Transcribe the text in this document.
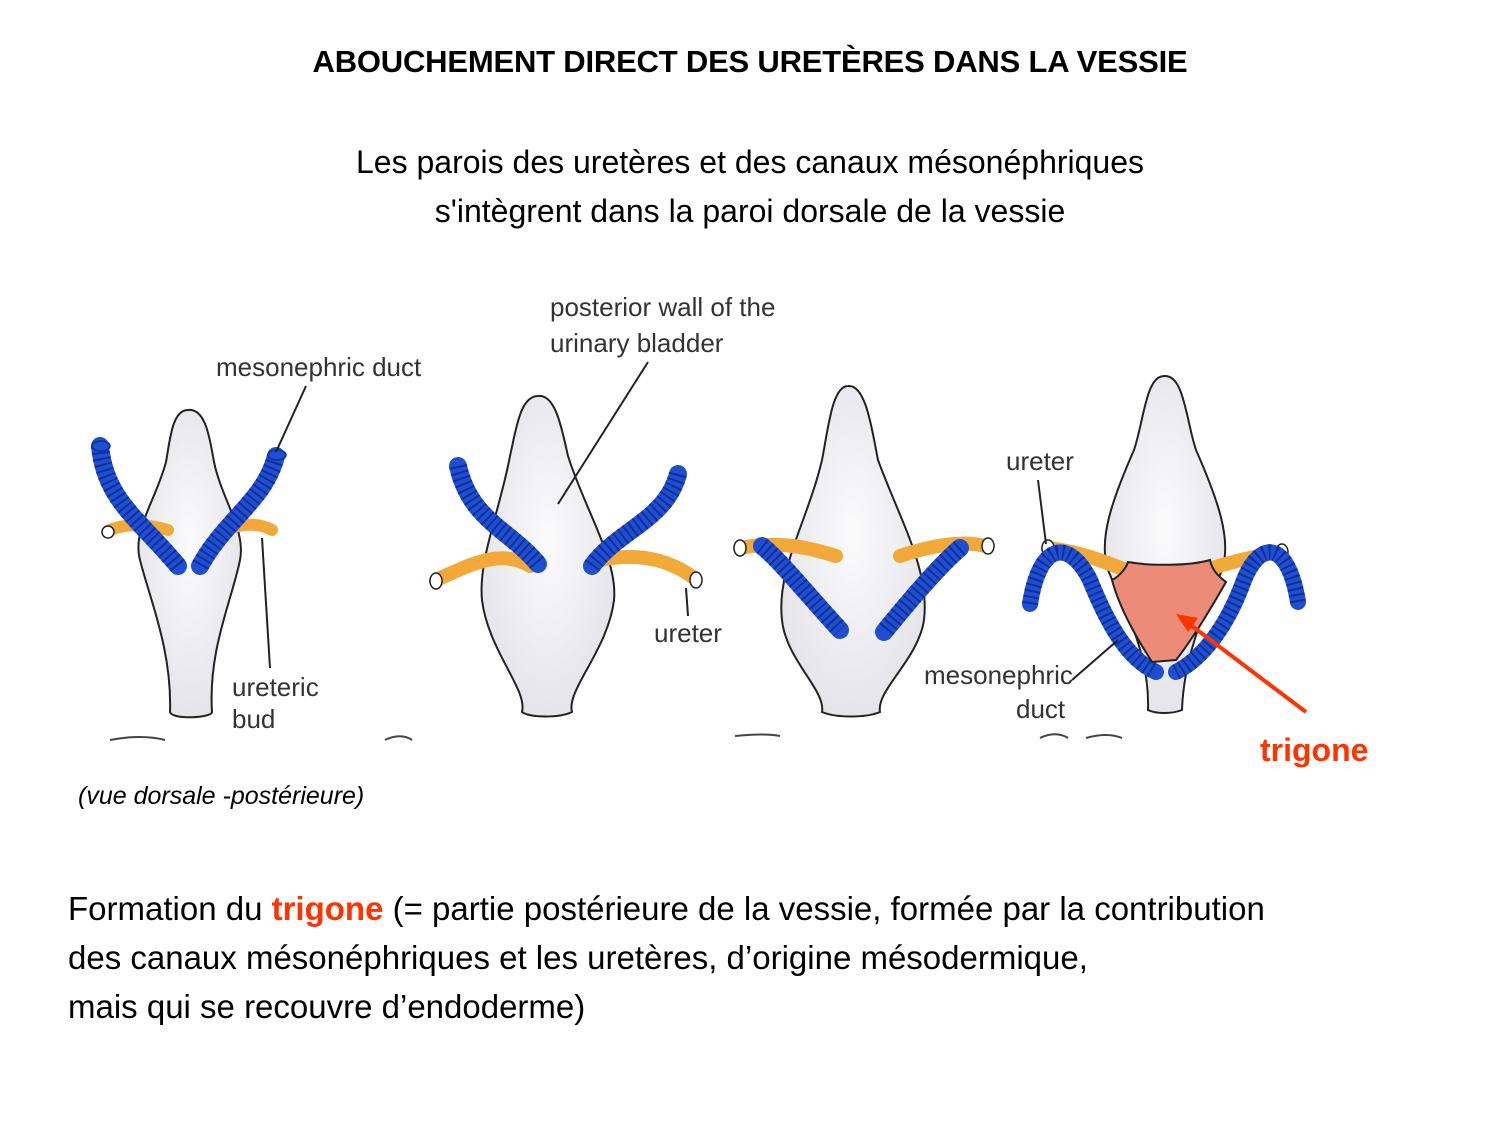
ABOUCHEMENT DIRECT DES URETÈRES DANS LA VESSIE
Les parois des uretères et des canaux mésonéphriques
s'intègrent dans la paroi dorsale de la vessie
mesonephric duct
ureteric
bud
posterior wall of the
urinary bladder
ureter
ureter
mesonephric
duct
trigone
(vue dorsale -postérieure)
Formation du trigone (= partie postérieure de la vessie, formée par la contribution
des canaux mésonéphriques et les uretères, d’origine mésodermique,
mais qui se recouvre d’endoderme)
